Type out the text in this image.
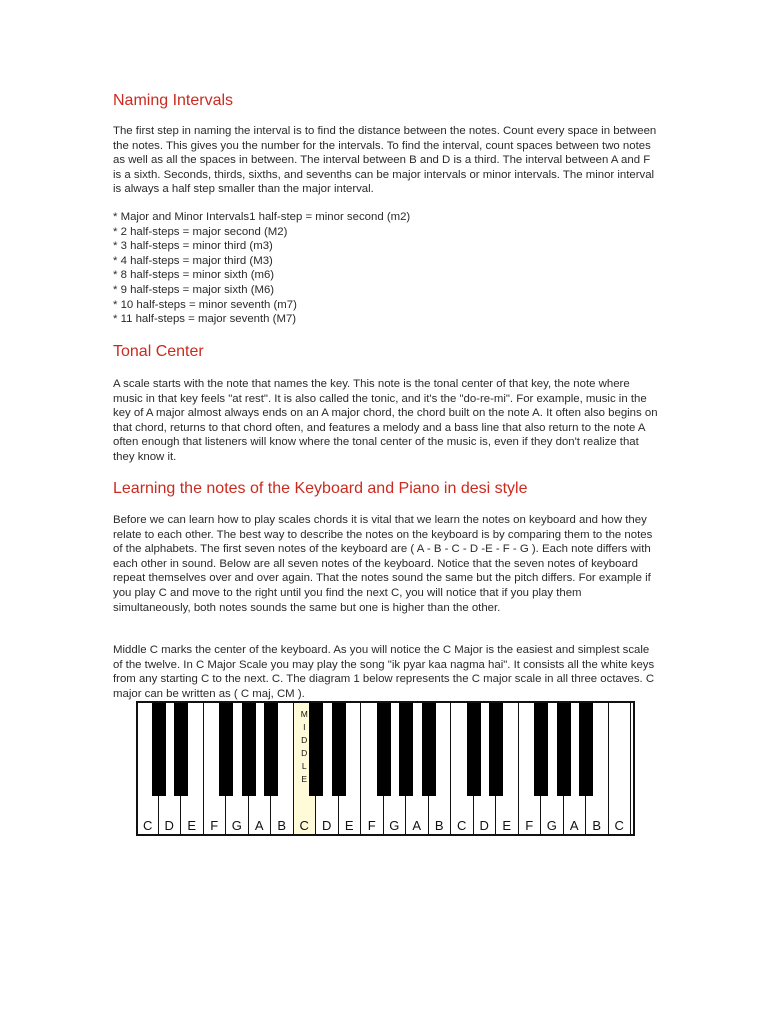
Naming Intervals

The first step in naming the interval is to find the distance between the notes. Count every space in between the notes. This gives you the number for the intervals. To find the interval, count spaces between two notes as well as all the spaces in between. The interval between B and D is a third. The interval between A and F is a sixth. Seconds, thirds, sixths, and sevenths can be major intervals or minor intervals. The minor interval is always a half step smaller than the major interval.

* Major and Minor Intervals1 half-step = minor second (m2)
* 2 half-steps = major second (M2)
* 3 half-steps = minor third (m3)
* 4 half-steps = major third (M3)
* 8 half-steps = minor sixth (m6)
* 9 half-steps = major sixth (M6)
* 10 half-steps = minor seventh (m7)
* 11 half-steps = major seventh (M7)
Tonal Center

A scale starts with the note that names the key. This note is the tonal center of that key, the note where music in that key feels "at rest". It is also called the tonic, and it's the "do-re-mi". For example, music in the key of A major almost always ends on an A major chord, the chord built on the note A. It often also begins on that chord, returns to that chord often, and features a melody and a bass line that also return to the note A often enough that listeners will know where the tonal center of the music is, even if they don't realize that they know it.

Learning the notes of the Keyboard and Piano in desi style

Before we can learn how to play scales chords it is vital that we learn the notes on keyboard and how they relate to each other. The best way to describe the notes on the keyboard is by comparing them to the notes of the alphabets. The first seven notes of the keyboard are ( A - B - C - D -E - F - G ). Each note differs with each other in sound. Below are all seven notes of the keyboard. Notice that the seven notes of keyboard repeat themselves over and over again. That the notes sound the same but the pitch differs. For example if you play C and move to the right until you find the next C, you will notice that if you play them simultaneously, both notes sounds the same but one is higher than the other.

Middle C marks the center of the keyboard. As you will notice the C Major is the easiest and simplest scale of the twelve. In C Major Scale you may play the song "ik pyar kaa nagma hai". It consists all the white keys from any starting C to the next. C. The diagram 1 below represents the C major scale in all three octaves. C major can be written as ( C maj, CM ).

C D	E	F	G	A	B	C
M
I
D
D
L
E
D	E	F	G	A	B	C	D	E	F	G	A	B	C
